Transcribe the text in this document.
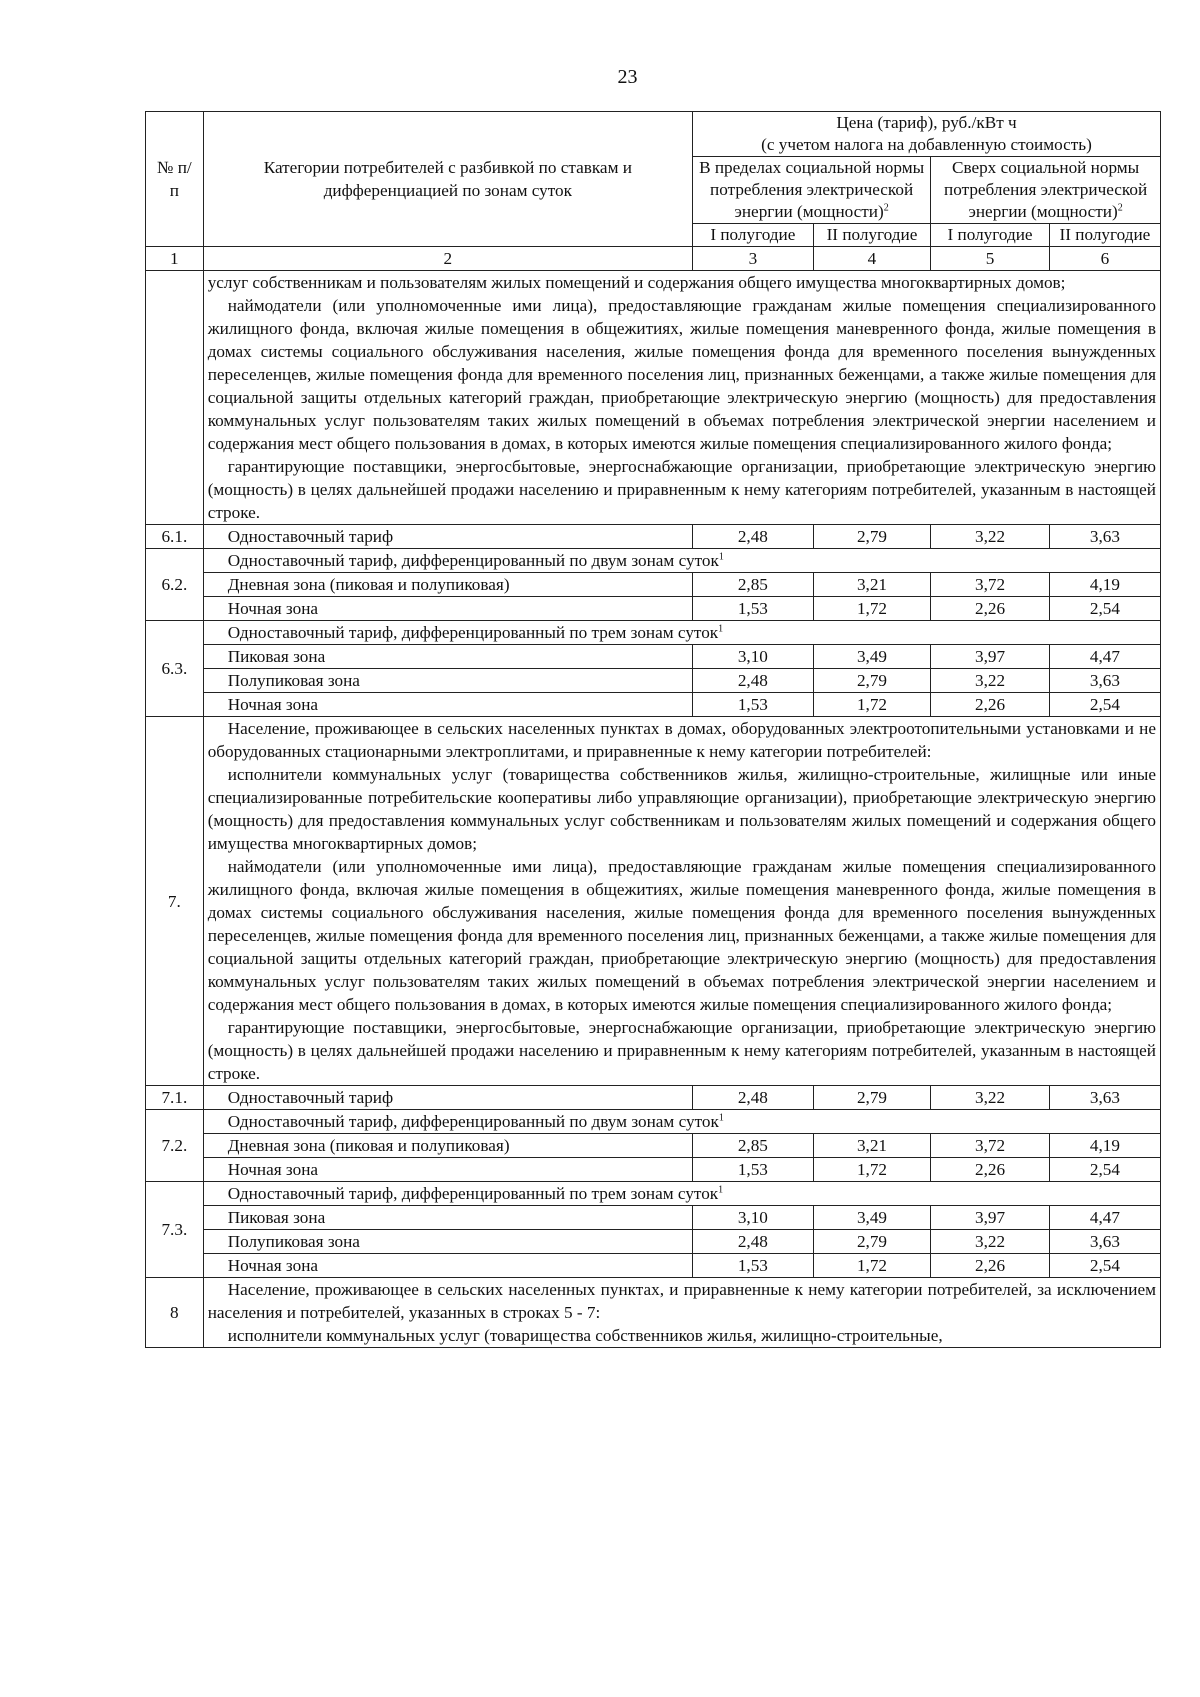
23
№ п/п	Категории потребителей с разбивкой по ставкам и дифференциацией по зонам суток	Цена (тариф), руб./кВт ч
(с учетом налога на добавленную стоимость)			

		В пределах социальной нормы потребления электрической энергии (мощности)$^2$		Сверх социальной нормы потребления электрической энергии (мощности)$^2$
		I полугодие	II полугодие	I полугодие	II полугодие
1	2	3	4	5	6

	услуг собственникам и пользователям жилых помещений и содержания общего имущества многоквартирных домов;

наймодатели (или уполномоченные ими лица), предоставляющие гражданам жилые помещения специализированного жилищного фонда, включая жилые помещения в общежитиях, жилые помещения маневренного фонда, жилые помещения в домах системы социального обслуживания населения, жилые помещения фонда для временного поселения вынужденных переселенцев, жилые помещения фонда для временного поселения лиц, признанных беженцами, а также жилые помещения для социальной защиты отдельных категорий граждан, приобретающие электрическую энергию (мощность) для предоставления коммунальных услуг пользователям таких жилых помещений в объемах потребления электрической энергии населением и содержания мест общего пользования в домах, в которых имеются жилые помещения специализированного жилого фонда;

гарантирующие поставщики, энергосбытовые, энергоснабжающие организации, приобретающие электрическую энергию (мощность) в целях дальнейшей продажи населению и приравненным к нему категориям потребителей, указанным в настоящей строке.				

6.1.	Одноставочный тариф	2,48	2,79	3,22	3,63
6.2.	Одноставочный тариф, дифференцированный по двум зонам суток$^1$
	Дневная зона (пиковая и полупиковая)	2,85	3,21	3,72	4,19
	Ночная зона	1,53	1,72	2,26	2,54
6.3.	Одноставочный тариф, дифференцированный по трем зонам суток$^1$
	Пиковая зона	3,10	3,49	3,97	4,47
	Полупиковая зона	2,48	2,79	3,22	3,63
	Ночная зона	1,53	1,72	2,26	2,54
7.	Население, проживающее в сельских населенных пунктах в домах, оборудованных электроотопительными установками и не оборудованных стационарными электроплитами, и приравненные к нему категории потребителей:

исполнители коммунальных услуг (товарищества собственников жилья, жилищно-строительные, жилищные или иные специализированные потребительские кооперативы либо управляющие организации), приобретающие электрическую энергию (мощность) для предоставления коммунальных услуг собственникам и пользователям жилых помещений и содержания общего имущества многоквартирных домов;

наймодатели (или уполномоченные ими лица), предоставляющие гражданам жилые помещения специализированного жилищного фонда, включая жилые помещения в общежитиях, жилые помещения маневренного фонда, жилые помещения в домах системы социального обслуживания населения, жилые помещения фонда для временного поселения вынужденных переселенцев, жилые помещения фонда для временного поселения лиц, признанных беженцами, а также жилые помещения для социальной защиты отдельных категорий граждан, приобретающие электрическую энергию (мощность) для предоставления коммунальных услуг пользователям таких жилых помещений в объемах потребления электрической энергии населением и содержания мест общего пользования в домах, в которых имеются жилые помещения специализированного жилого фонда;

гарантирующие поставщики, энергосбытовые, энергоснабжающие организации, приобретающие электрическую энергию (мощность) в целях дальнейшей продажи населению и приравненным к нему категориям потребителей, указанным в настоящей строке.				

7.1.	Одноставочный тариф	2,48	2,79	3,22	3,63
7.2.	Одноставочный тариф, дифференцированный по двум зонам суток$^1$
	Дневная зона (пиковая и полупиковая)	2,85	3,21	3,72	4,19
	Ночная зона	1,53	1,72	2,26	2,54
7.3.	Одноставочный тариф, дифференцированный по трем зонам суток$^1$
	Пиковая зона	3,10	3,49	3,97	4,47
	Полупиковая зона	2,48	2,79	3,22	3,63
	Ночная зона	1,53	1,72	2,26	2,54
8	Население, проживающее в сельских населенных пунктах, и приравненные к нему категории потребителей, за исключением населения и потребителей, указанных в строках 5 - 7:

исполнители коммунальных услуг (товарищества собственников жилья, жилищно-строительные,				
